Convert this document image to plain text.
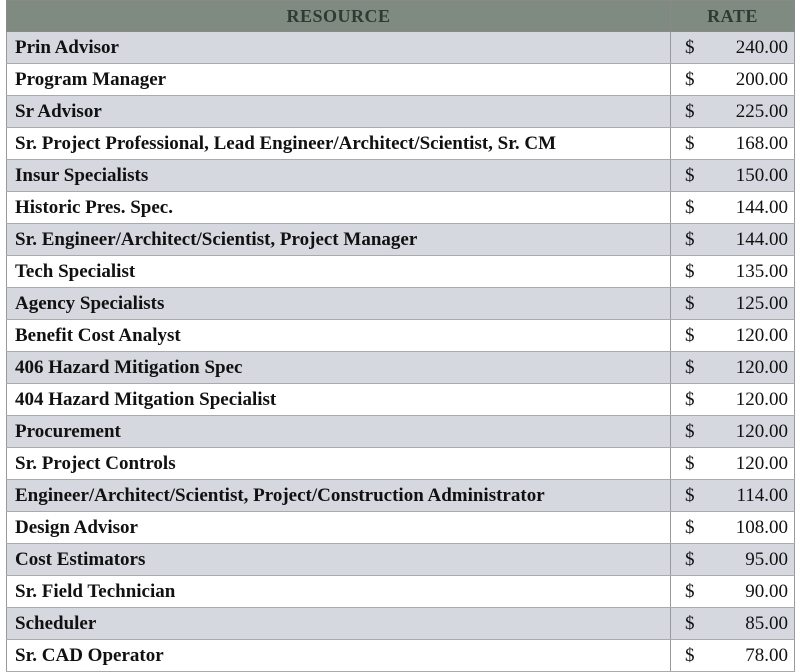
RESOURCE	RATE	
Prin Advisor	$	240.00
Program Manager	$	200.00
Sr Advisor	$	225.00
Sr. Project Professional, Lead Engineer/Architect/Scientist, Sr. CM	$	168.00
Insur Specialists	$	150.00
Historic Pres. Spec.	$	144.00
Sr. Engineer/Architect/Scientist, Project Manager	$	144.00
Tech Specialist	$	135.00
Agency Specialists	$	125.00
Benefit Cost Analyst	$	120.00
406 Hazard Mitigation Spec	$	120.00
404 Hazard Mitgation Specialist	$	120.00
Procurement	$	120.00
Sr. Project Controls	$	120.00
Engineer/Architect/Scientist, Project/Construction Administrator	$	114.00
Design Advisor	$	108.00
Cost Estimators	$	95.00
Sr. Field Technician	$	90.00
Scheduler	$	85.00
Sr. CAD Operator	$	78.00
